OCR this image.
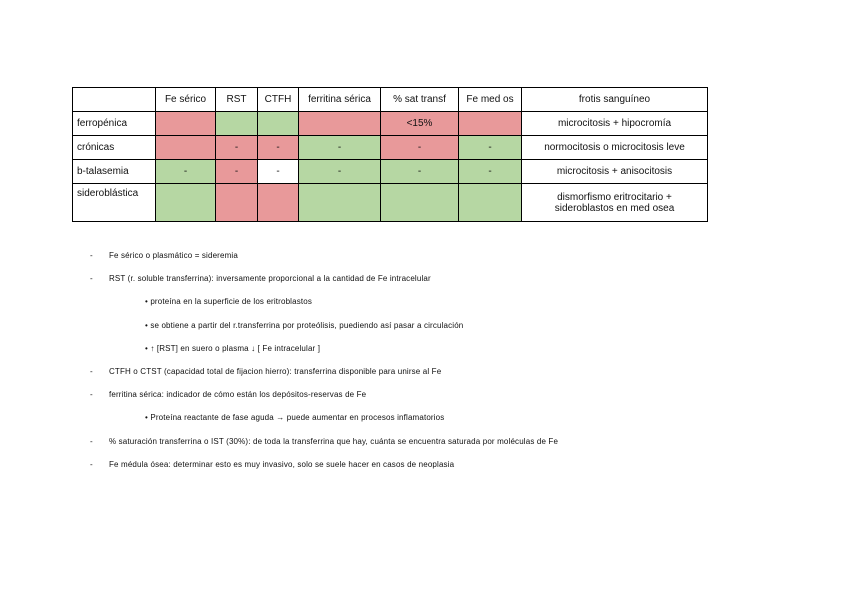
	Fe sérico	RST	CTFH	ferritina sérica	% sat transf	Fe med os	frotis sanguíneo
ferropénica					<15%		microcitosis + hipocromía
crónicas		-	-	-	-	-	normocitosis o microcitosis leve
b-talasemia	-	-	-	-	-	-	microcitosis + anisocitosis
sideroblástica							dismorfismo eritrocitario +
sideroblastos en med osea
- Fe sérico o plasmático = sideremia
- RST (r. soluble transferrina): inversamente proporcional a la cantidad de Fe intracelular
• proteína en la superficie de los eritroblastos
• se obtiene a partir del r.transferrina por proteólisis, puediendo así pasar a circulación
• ↑ [RST] en suero o plasma ↓ [ Fe intracelular ]
- CTFH o CTST (capacidad total de fijacion hierro): transferrina disponible para unirse al Fe
- ferritina sérica: indicador de cómo están los depósitos-reservas de Fe
• Proteína reactante de fase aguda → puede aumentar en procesos inflamatorios
- % saturación transferrina o IST (30%): de toda la transferrina que hay, cuánta se encuentra saturada por moléculas de Fe
- Fe médula ósea: determinar esto es muy invasivo, solo se suele hacer en casos de neoplasia
